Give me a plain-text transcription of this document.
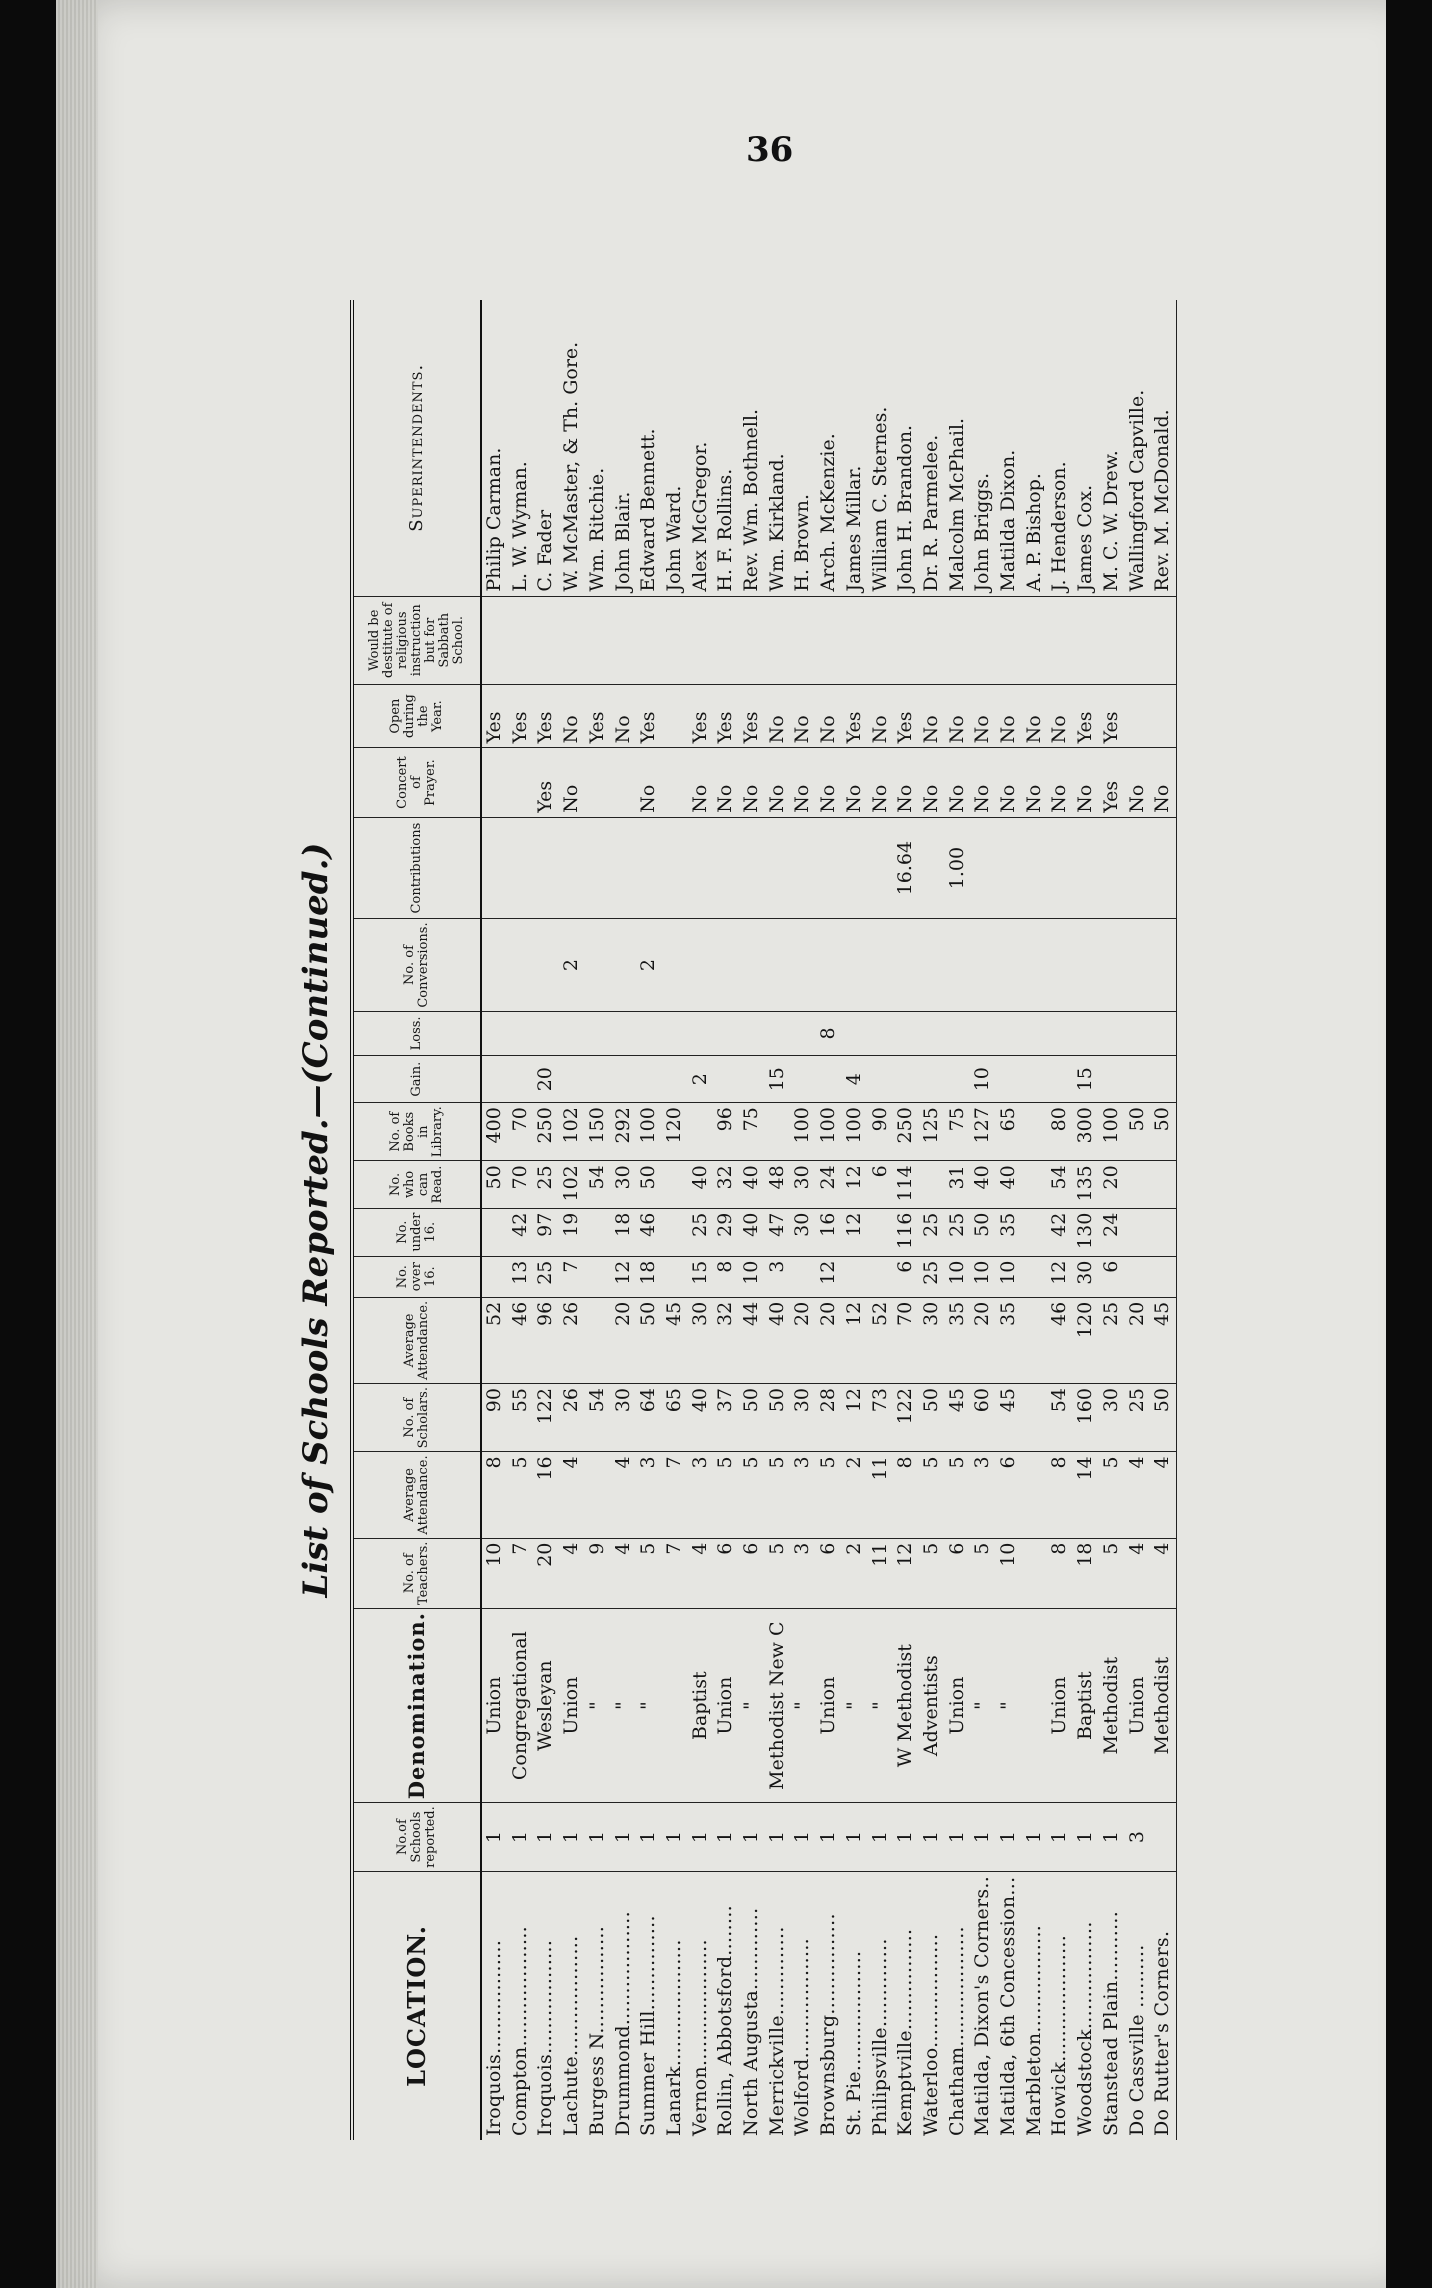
36
List of Schools Reported.—(Continued.)
LOCATION.	No.of Schools reported.	Denomination.	No. of Teachers.	Average Attendance.	No. of Scholars.	Average Attendance.	No. over 16.	No. under 16.	No. who can Read.	No. of Books in Library.	Gain.	Loss.	No. of Conversions.	Contributions	Concert of Prayer.	Open during the Year.	Would be destitute of religious instruction but for Sabbath School.	Superintendents.
Iroquois..................	1	Union	10	8	90	52			50	400						Yes		Philip Carman.
Compton...................	1	Congregational	7	5	55	46	13	42	70	70						Yes		L. W. Wyman.
Iroquois..................	1	Wesleyan	20	16	122	96	25	97	25	250	20				Yes	Yes		C. Fader
Lachute...................	1	Union	4	4	26	26	7	19	102	102			2		No	No		W. McMaster, & Th. Gore.
Burgess N.................	1	"	9		54				54	150						Yes		Wm. Ritchie.
Drummond..................	1	"	4	4	30	20	12	18	30	292						No		John Blair.
Summer Hill...............	1	"	5	3	64	50	18	46	50	100			2		No	Yes		Edward Bennett.
Lanark....................	1		7	7	65	45				120								John Ward.
Vernon....................	1	Baptist	4	3	40	30	15	25	40		2				No	Yes		Alex McGregor.
Rollin, Abbotsford........	1	Union	6	5	37	32	8	29	32	96					No	Yes		H. F. Rollins.
North Augusta.............	1	"	6	5	50	44	10	40	40	75					No	Yes		Rev. Wm. Bothnell.
Merrickville..............	1	Methodist New C	5	5	50	40	3	47	48		15				No	No		Wm. Kirkland.
Wolford...................	1	"	3	3	30	20		30	30	100					No	No		H. Brown.
Brownsburg................	1	Union	6	5	28	20	12	16	24	100		8			No	No		Arch. McKenzie.
St. Pie...................	1	"	2	2	12	12		12	12	100	4				No	Yes		James Millar.
Philipsville..............	1	"	11	11	73	52			6	90					No	No		William C. Sternes.
Kemptville................	1	W Methodist	12	8	122	70	6	116	114	250				16.64	No	Yes		John H. Brandon.
Waterloo..................	1	Adventists	5	5	50	30	25	25		125					No	No		Dr. R. Parmelee.
Chatham...................	1	Union	6	5	45	35	10	25	31	75				1.00	No	No		Malcolm McPhail.
Matilda, Dixon's Corners..	1	"	5	3	60	20	10	50	40	127	10				No	No		John Briggs.
Matilda, 6th Concession...	1	"	10	6	45	35	10	35	40	65					No	No		Matilda Dixon.
Marbleton.................	1														No	No		A. P. Bishop.
Howick....................	1	Union	8	8	54	46	12	42	54	80					No	No		J. Henderson.
Woodstock.................	1	Baptist	18	14	160	120	30	130	135	300	15				No	Yes		James Cox.
Stanstead Plain...........	1	Methodist	5	5	30	25	6	24	20	100					Yes	Yes		M. C. W. Drew.
Do Cassville ..........	3	Union	4	4	25	20				50					No			Wallingford Capville.
Do Rutter's Corners.		Methodist	4	4	50	45				50					No			Rev. M. McDonald.
